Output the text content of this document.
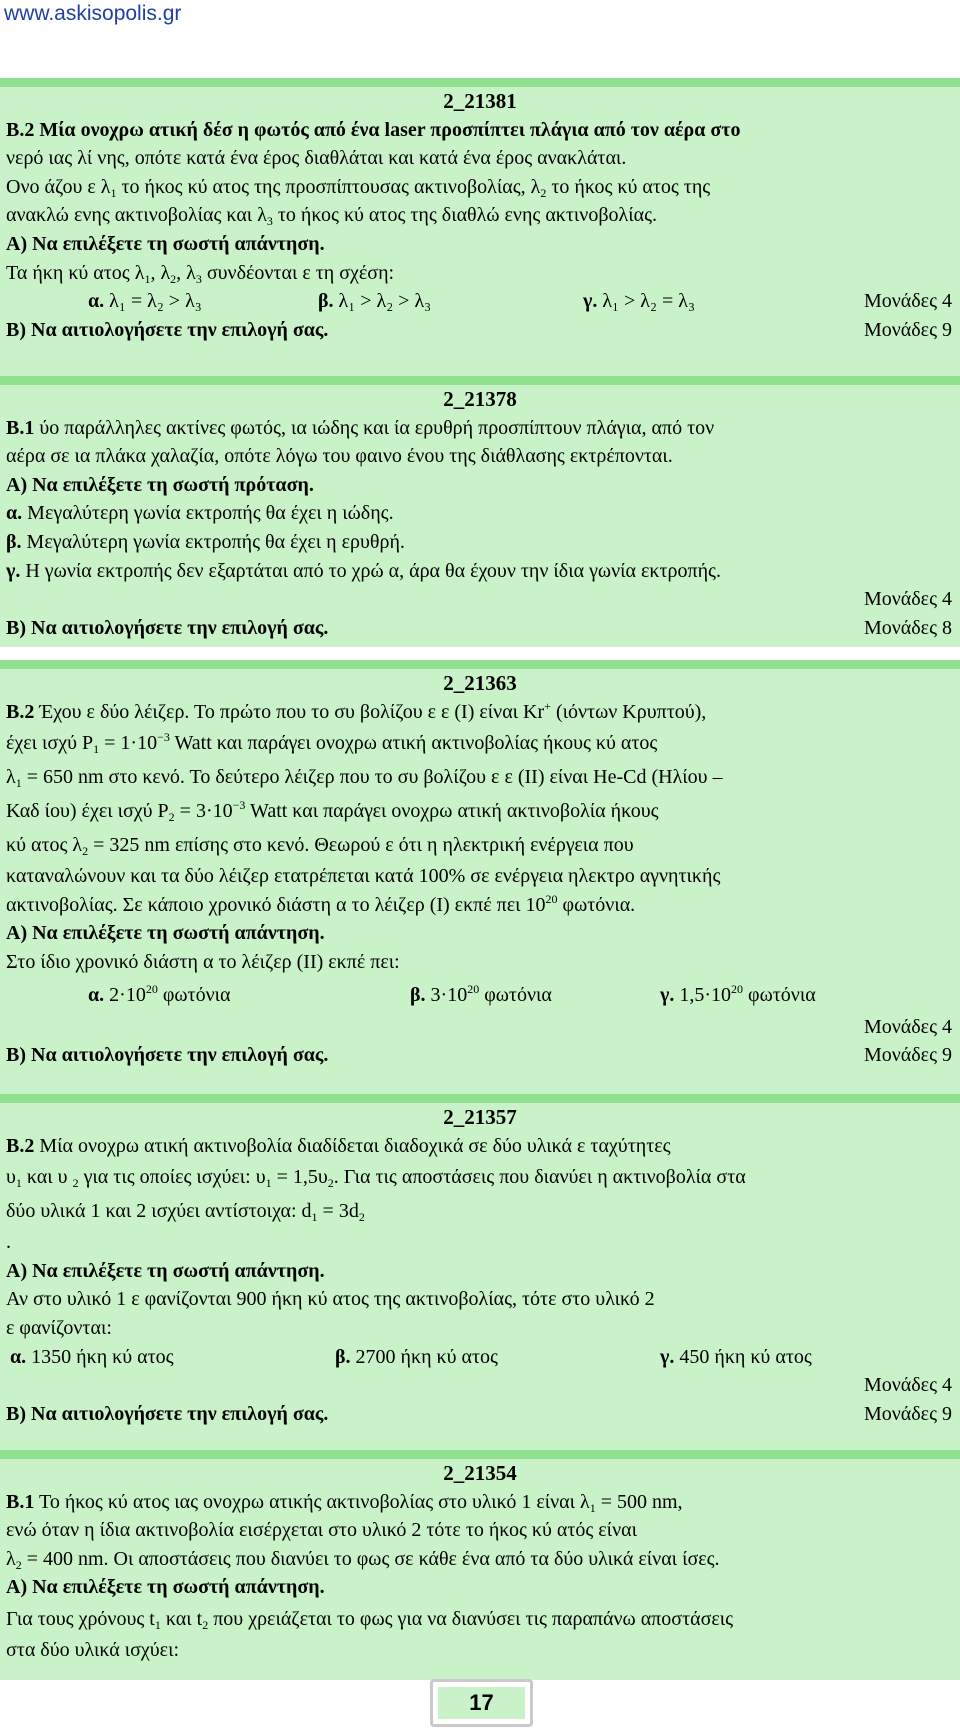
www.askisopolis.gr
2_21381
Β.2 Μία ονοχρω ατική δέσ η φωτός από ένα laser προσπίπτει πλάγια από τον αέρα στο
νερό ιας λί νης, οπότε κατά ένα έρος διαθλάται και κατά ένα έρος ανακλάται.
Ονο άζου ε $\lambda_1$ το ήκος κύ ατος της προσπίπτουσας ακτινοβολίας, $\lambda_2$ το ήκος κύ ατος της
ανακλώ ενης ακτινοβολίας και $\lambda_3$ το ήκος κύ ατος της διαθλώ ενης ακτινοβολίας.
Α) Να επιλέξετε τη σωστή απάντηση.
Τα ήκη κύ ατος $\lambda_1$, $\lambda_2$, $\lambda_3$ συνδέονται ε τη σχέση:
α. λ₁ = λ₂ > λ₃	β. λ₁ > λ₂ > λ₃	γ. λ₁ > λ₂ = λ₃	Μονάδες 4
Β) Να αιτιολογήσετε την επιλογή σας.	Μονάδες 9
2_21378
Β.1 ύο παράλληλες ακτίνες φωτός, ια ιώδης και ία ερυθρή προσπίπτουν πλάγια, από τον
αέρα σε ια πλάκα χαλαζία, οπότε λόγω του φαινο ένου της διάθλασης εκτρέπονται.
Α) Να επιλέξετε τη σωστή πρόταση.
α. Μεγαλύτερη γωνία εκτροπής θα έχει η ιώδης.
β. Μεγαλύτερη γωνία εκτροπής θα έχει η ερυθρή.
γ. Η γωνία εκτροπής δεν εξαρτάται από το χρώ α, άρα θα έχουν την ίδια γωνία εκτροπής.
Μονάδες 4
Β) Να αιτιολογήσετε την επιλογή σας.	Μονάδες 8
2_21363
Β.2 Έχου ε δύο λέιζερ. Το πρώτο που το συ βολίζου ε ε (Ι) είναι Kr+ (ιόντων Κρυπτού),
έχει ισχύ $P_1 = 1\cdot 10^{-3}$ Watt και παράγει ονοχρω ατική ακτινοβολίας ήκους κύ ατος
$\lambda_1 = 650$ nm στο κενό. Το δεύτερο λέιζερ που το συ βολίζου ε ε (ΙΙ) είναι He-Cd (Ηλίου –
Καδ ίου) έχει ισχύ $P_2 = 3\cdot 10^{-3}$ Watt και παράγει ονοχρω ατική ακτινοβολία ήκους
κύ ατος $\lambda_2 = 325$ nm επίσης στο κενό. Θεωρού ε ότι η ηλεκτρική ενέργεια που
καταναλώνουν και τα δύο λέιζερ ετατρέπεται κατά 100% σε ενέργεια ηλεκτρο αγνητικής
ακτινοβολίας. Σε κάποιο χρονικό διάστη α το λέιζερ (Ι) εκπέ πει $10^{20}$ φωτόνια.
Α) Να επιλέξετε τη σωστή απάντηση.
Στο ίδιο χρονικό διάστη α το λέιζερ (ΙΙ) εκπέ πει:
α. $2\cdot 10^{20}$ φωτόνια	β. $3\cdot 10^{20}$ φωτόνια	γ. $1,5\cdot 10^{20}$ φωτόνια
Μονάδες 4
Β) Να αιτιολογήσετε την επιλογή σας.	Μονάδες 9
2_21357
Β.2 Μία ονοχρω ατική ακτινοβολία διαδίδεται διαδοχικά σε δύο υλικά ε ταχύτητες
$\upsilon_1$ και υ $_2$ για τις οποίες ισχύει: $\upsilon_1 = 1,5\upsilon_2$. Για τις αποστάσεις που διανύει η ακτινοβολία στα
δύο υλικά 1 και 2 ισχύει αντίστοιχα: $d_1 = 3d_2$
.
Α) Να επιλέξετε τη σωστή απάντηση.
Αν στο υλικό 1 ε φανίζονται 900 ήκη κύ ατος της ακτινοβολίας, τότε στο υλικό 2
ε φανίζονται:
α. 1350 ήκη κύ ατος	β. 2700 ήκη κύ ατος	γ. 450 ήκη κύ ατος
Μονάδες 4
Β) Να αιτιολογήσετε την επιλογή σας.	Μονάδες 9
2_21354
Β.1 Το ήκος κύ ατος ιας ονοχρω ατικής ακτινοβολίας στο υλικό 1 είναι $\lambda_1 = 500$ nm,
ενώ όταν η ίδια ακτινοβολία εισέρχεται στο υλικό 2 τότε το ήκος κύ ατός είναι
$\lambda_2 = 400$ nm. Οι αποστάσεις που διανύει το φως σε κάθε ένα από τα δύο υλικά είναι ίσες.
Α) Να επιλέξετε τη σωστή απάντηση.
Για τους χρόνους $t_1$ και $t_2$ που χρειάζεται το φως για να διανύσει τις παραπάνω αποστάσεις
στα δύο υλικά ισχύει:
17
